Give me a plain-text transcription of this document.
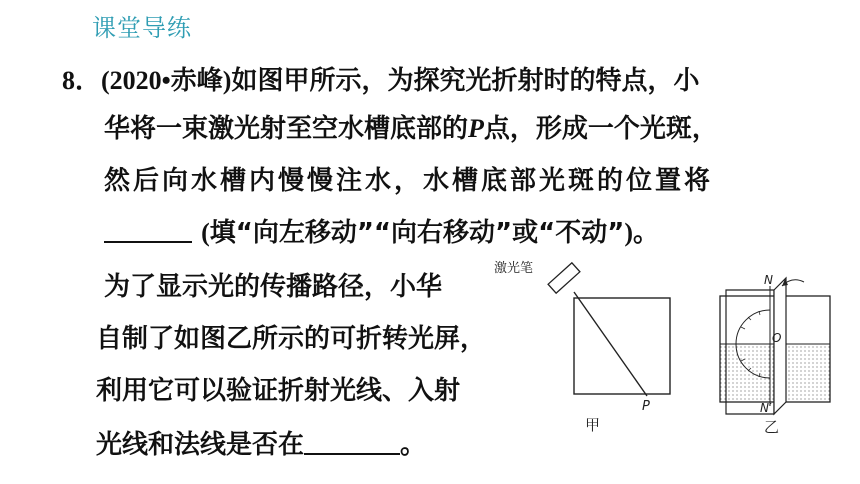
课堂导练
8．(2020•赤峰)如图甲所示，为探究光折射时的特点，小
华将一束激光射至空水槽底部的P点，形成一个光斑，
然后向水槽内慢慢注水，水槽底部光斑的位置将
(填“向左移动”“向右移动”或“不动”)。
为了显示光的传播路径，小华
自制了如图乙所示的可折转光屏，
利用它可以验证折射光线、入射
光线和法线是否在	。
激光笔
P
甲
N
O
N′
乙
